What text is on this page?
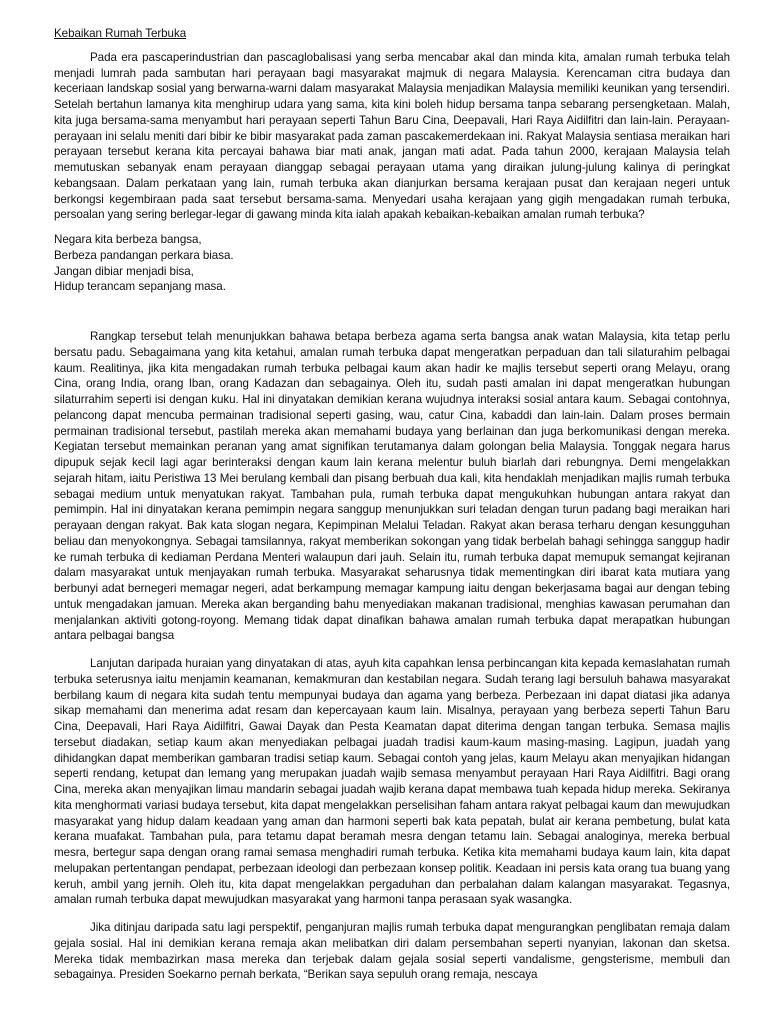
Kebaikan Rumah Terbuka

Pada era pascaperindustrian dan pascaglobalisasi yang serba mencabar akal dan minda kita, amalan rumah terbuka telah menjadi lumrah pada sambutan hari perayaan bagi masyarakat majmuk di negara Malaysia. Kerencaman citra budaya dan keceriaan landskap sosial yang berwarna-warni dalam masyarakat Malaysia menjadikan Malaysia memiliki keunikan yang tersendiri. Setelah bertahun lamanya kita menghirup udara yang sama, kita kini boleh hidup bersama tanpa sebarang persengketaan. Malah, kita juga bersama-sama menyambut hari perayaan seperti Tahun Baru Cina, Deepavali, Hari Raya Aidilfitri dan lain-lain. Perayaan-perayaan ini selalu meniti dari bibir ke bibir masyarakat pada zaman pascakemerdekaan ini. Rakyat Malaysia sentiasa meraikan hari perayaan tersebut kerana kita percayai bahawa biar mati anak, jangan mati adat. Pada tahun 2000, kerajaan Malaysia telah memutuskan sebanyak enam perayaan dianggap sebagai perayaan utama yang diraikan julung-julung kalinya di peringkat kebangsaan. Dalam perkataan yang lain, rumah terbuka akan dianjurkan bersama kerajaan pusat dan kerajaan negeri untuk berkongsi kegembiraan pada saat tersebut bersama-sama. Menyedari usaha kerajaan yang gigih mengadakan rumah terbuka, persoalan yang sering berlegar-legar di gawang minda kita ialah apakah kebaikan-kebaikan amalan rumah terbuka?

Negara kita berbeza bangsa,
Berbeza pandangan perkara biasa.
Jangan dibiar menjadi bisa,
Hidup terancam sepanjang masa.

Rangkap tersebut telah menunjukkan bahawa betapa berbeza agama serta bangsa anak watan Malaysia, kita tetap perlu bersatu padu. Sebagaimana yang kita ketahui, amalan rumah terbuka dapat mengeratkan perpaduan dan tali silaturahim pelbagai kaum. Realitinya, jika kita mengadakan rumah terbuka pelbagai kaum akan hadir ke majlis tersebut seperti orang Melayu, orang Cina, orang India, orang Iban, orang Kadazan dan sebagainya. Oleh itu, sudah pasti amalan ini dapat mengeratkan hubungan silaturrahim seperti isi dengan kuku. Hal ini dinyatakan demikian kerana wujudnya interaksi sosial antara kaum. Sebagai contohnya, pelancong dapat mencuba permainan tradisional seperti gasing, wau, catur Cina, kabaddi dan lain-lain. Dalam proses bermain permainan tradisional tersebut, pastilah mereka akan memahami budaya yang berlainan dan juga berkomunikasi dengan mereka. Kegiatan tersebut memainkan peranan yang amat signifikan terutamanya dalam golongan belia Malaysia. Tonggak negara harus dipupuk sejak kecil lagi agar berinteraksi dengan kaum lain kerana melentur buluh biarlah dari rebungnya. Demi mengelakkan sejarah hitam, iaitu Peristiwa 13 Mei berulang kembali dan pisang berbuah dua kali, kita hendaklah menjadikan majlis rumah terbuka sebagai medium untuk menyatukan rakyat. Tambahan pula, rumah terbuka dapat mengukuhkan hubungan antara rakyat dan pemimpin. Hal ini dinyatakan kerana pemimpin negara sanggup menunjukkan suri teladan dengan turun padang bagi meraikan hari perayaan dengan rakyat. Bak kata slogan negara, Kepimpinan Melalui Teladan. Rakyat akan berasa terharu dengan kesungguhan beliau dan menyokongnya. Sebagai tamsilannya, rakyat memberikan sokongan yang tidak berbelah bahagi sehingga sanggup hadir ke rumah terbuka di kediaman Perdana Menteri walaupun dari jauh. Selain itu, rumah terbuka dapat memupuk semangat kejiranan dalam masyarakat untuk menjayakan rumah terbuka. Masyarakat seharusnya tidak mementingkan diri ibarat kata mutiara yang berbunyi adat bernegeri memagar negeri, adat berkampung memagar kampung iaitu dengan bekerjasama bagai aur dengan tebing untuk mengadakan jamuan. Mereka akan berganding bahu menyediakan makanan tradisional, menghias kawasan perumahan dan menjalankan aktiviti gotong-royong. Memang tidak dapat dinafikan bahawa amalan rumah terbuka dapat merapatkan hubungan antara pelbagai bangsa

Lanjutan daripada huraian yang dinyatakan di atas, ayuh kita capahkan lensa perbincangan kita kepada kemaslahatan rumah terbuka seterusnya iaitu menjamin keamanan, kemakmuran dan kestabilan negara. Sudah terang lagi bersuluh bahawa masyarakat berbilang kaum di negara kita sudah tentu mempunyai budaya dan agama yang berbeza. Perbezaan ini dapat diatasi jika adanya sikap memahami dan menerima adat resam dan kepercayaan kaum lain. Misalnya, perayaan yang berbeza seperti Tahun Baru Cina, Deepavali, Hari Raya Aidilfitri, Gawai Dayak dan Pesta Keamatan dapat diterima dengan tangan terbuka. Semasa majlis tersebut diadakan, setiap kaum akan menyediakan pelbagai juadah tradisi kaum-kaum masing-masing. Lagipun, juadah yang dihidangkan dapat memberikan gambaran tradisi setiap kaum. Sebagai contoh yang jelas, kaum Melayu akan menyajikan hidangan seperti rendang, ketupat dan lemang yang merupakan juadah wajib semasa menyambut perayaan Hari Raya Aidilfitri. Bagi orang Cina, mereka akan menyajikan limau mandarin sebagai juadah wajib kerana dapat membawa tuah kepada hidup mereka. Sekiranya kita menghormati variasi budaya tersebut, kita dapat mengelakkan perselisihan faham antara rakyat pelbagai kaum dan mewujudkan masyarakat yang hidup dalam keadaan yang aman dan harmoni seperti bak kata pepatah, bulat air kerana pembetung, bulat kata kerana muafakat. Tambahan pula, para tetamu dapat beramah mesra dengan tetamu lain. Sebagai analoginya, mereka berbual mesra, bertegur sapa dengan orang ramai semasa menghadiri rumah terbuka. Ketika kita memahami budaya kaum lain, kita dapat melupakan pertentangan pendapat, perbezaan ideologi dan perbezaan konsep politik. Keadaan ini persis kata orang tua buang yang keruh, ambil yang jernih. Oleh itu, kita dapat mengelakkan pergaduhan dan perbalahan dalam kalangan masyarakat. Tegasnya, amalan rumah terbuka dapat mewujudkan masyarakat yang harmoni tanpa perasaan syak wasangka.

Jika ditinjau daripada satu lagi perspektif, penganjuran majlis rumah terbuka dapat mengurangkan penglibatan remaja dalam gejala sosial. Hal ini demikian kerana remaja akan melibatkan diri dalam persembahan seperti nyanyian, lakonan dan sketsa. Mereka tidak membazirkan masa mereka dan terjebak dalam gejala sosial seperti vandalisme, gengsterisme, membuli dan sebagainya. Presiden Soekarno pernah berkata, “Berikan saya sepuluh orang remaja, nescaya
